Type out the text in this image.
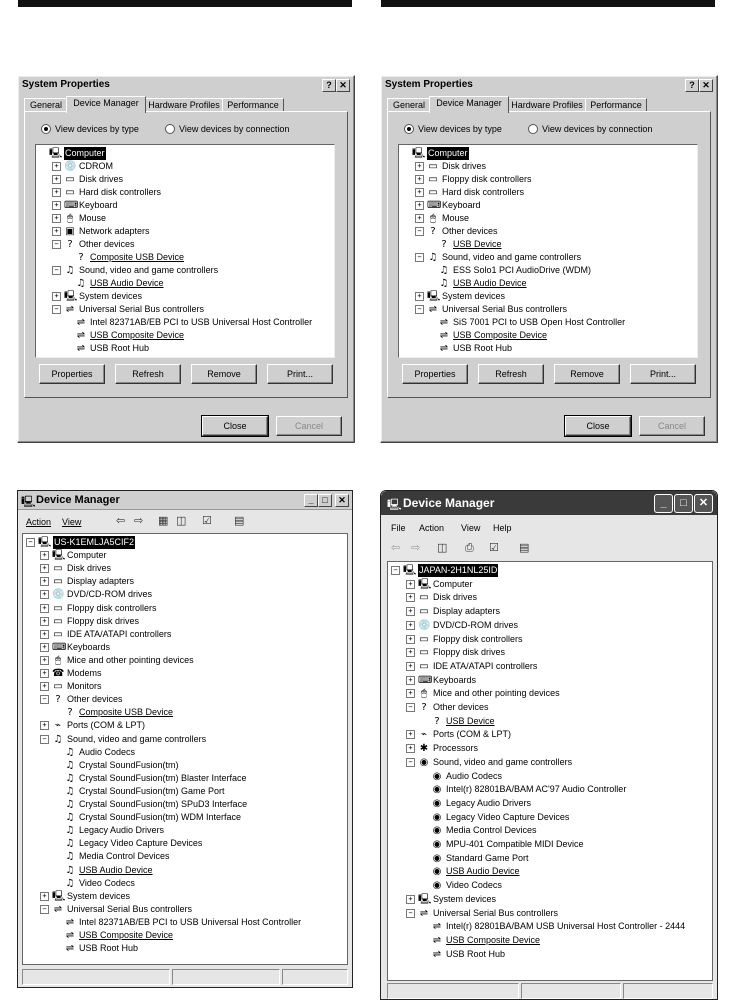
System Properties	? ✕
General	Device Manager	Hardware Profiles Performance
View devices by type	View devices by connection
🖳 Computer
+ 💿 CDROM
+ ▭ Disk drives
+ ▭ Hard disk controllers
+ ⌨ Keyboard
+ 🖱 Mouse
+ ▣ Network adapters
− ? Other devices
? Composite USB Device
− ♫ Sound, video and game controllers
♫ USB Audio Device
+ 🖳 System devices
− ⇌ Universal Serial Bus controllers
⇌ Intel 82371AB/EB PCI to USB Universal Host Controller
⇌ USB Composite Device
⇌ USB Root Hub
Properties	Refresh	Remove	Print...
Close	Cancel
System Properties	? ✕
General	Device Manager	Hardware Profiles Performance
View devices by type	View devices by connection
🖳 Computer
+ ▭ Disk drives
+ ▭ Floppy disk controllers
+ ▭ Hard disk controllers
+ ⌨ Keyboard
+ 🖱 Mouse
− ? Other devices
? USB Device
− ♫ Sound, video and game controllers
♫ ESS Solo1 PCI AudioDrive (WDM)
♫ USB Audio Device
+ 🖳 System devices
− ⇌ Universal Serial Bus controllers
⇌ SiS 7001 PCI to USB Open Host Controller
⇌ USB Composite Device
⇌ USB Root Hub
Properties	Refresh	Remove	Print...
Close	Cancel
🖳 Device Manager	_ □	✕
Action View	⇦ ⇨ ▦ ◫ ☑ ▤
− 🖳 US-K1EMLJA5CIF2
+ 🖳 Computer
+ ▭ Disk drives
+ ▭ Display adapters
+ 💿 DVD/CD-ROM drives
+ ▭ Floppy disk controllers
+ ▭ Floppy disk drives
+ ▭ IDE ATA/ATAPI controllers
+ ⌨ Keyboards
+ 🖱 Mice and other pointing devices
+ ☎ Modems
+ ▭ Monitors
− ? Other devices
? Composite USB Device
+ ⌁ Ports (COM & LPT)
− ♫ Sound, video and game controllers
♫ Audio Codecs
♫ Crystal SoundFusion(tm)
♫ Crystal SoundFusion(tm) Blaster Interface
♫ Crystal SoundFusion(tm) Game Port
♫ Crystal SoundFusion(tm) SPuD3 Interface
♫ Crystal SoundFusion(tm) WDM Interface
♫ Legacy Audio Drivers
♫ Legacy Video Capture Devices
♫ Media Control Devices
♫ USB Audio Device
♫ Video Codecs
+ 🖳 System devices
− ⇌ Universal Serial Bus controllers
⇌ Intel 82371AB/EB PCI to USB Universal Host Controller
⇌ USB Composite Device
⇌ USB Root Hub
🖳 Device Manager	_	□	✕
File Action View Help
⇦ ⇨ ◫ ⎙ ☑ ▤
− 🖳 JAPAN-2H1NL25ID
+ 🖳 Computer
+ ▭ Disk drives
+ ▭ Display adapters
+ 💿 DVD/CD-ROM drives
+ ▭ Floppy disk controllers
+ ▭ Floppy disk drives
+ ▭ IDE ATA/ATAPI controllers
+ ⌨ Keyboards
+ 🖱 Mice and other pointing devices
− ? Other devices
? USB Device
+ ⌁ Ports (COM & LPT)
+ ✱ Processors
− ◉ Sound, video and game controllers
◉ Audio Codecs
◉ Intel(r) 82801BA/BAM AC'97 Audio Controller
◉ Legacy Audio Drivers
◉ Legacy Video Capture Devices
◉ Media Control Devices
◉ MPU-401 Compatible MIDI Device
◉ Standard Game Port
◉ USB Audio Device
◉ Video Codecs
+ 🖳 System devices
− ⇌ Universal Serial Bus controllers
⇌ Intel(r) 82801BA/BAM USB Universal Host Controller - 2444
⇌ USB Composite Device
⇌ USB Root Hub
